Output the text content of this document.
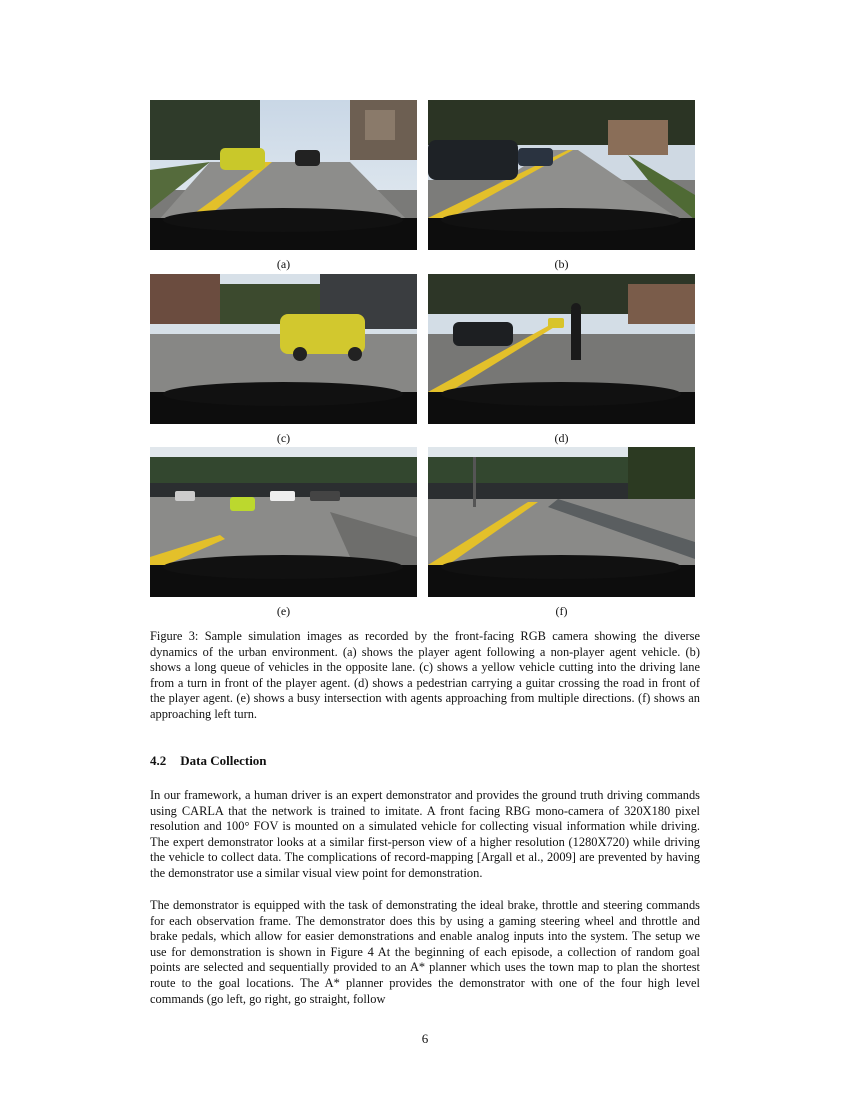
(a)	(b)
(c)	(d)
(e)	(f)
Figure 3: Sample simulation images as recorded by the front-facing RGB camera showing the diverse dynamics of the urban environment. (a) shows the player agent following a non-player agent vehicle. (b) shows a long queue of vehicles in the opposite lane. (c) shows a yellow vehicle cutting into the driving lane from a turn in front of the player agent. (d) shows a pedestrian carrying a guitar crossing the road in front of the player agent. (e) shows a busy intersection with agents approaching from multiple directions. (f) shows an approaching left turn.
4.2 Data Collection

In our framework, a human driver is an expert demonstrator and provides the ground truth driving commands using CARLA that the network is trained to imitate. A front facing RBG mono-camera of 320X180 pixel resolution and 100° FOV is mounted on a simulated vehicle for collecting visual information while driving. The expert demonstrator looks at a similar first-person view of a higher resolution (1280X720) while driving the vehicle to collect data. The complications of record-mapping [Argall et al., 2009] are prevented by having the demonstrator use a similar visual view point for demonstration.

The demonstrator is equipped with the task of demonstrating the ideal brake, throttle and steering commands for each observation frame. The demonstrator does this by using a gaming steering wheel and throttle and brake pedals, which allow for easier demonstrations and enable analog inputs into the system. The setup we use for demonstration is shown in Figure 4 At the beginning of each episode, a collection of random goal points are selected and sequentially provided to an A* planner which uses the town map to plan the shortest route to the goal locations. The A* planner provides the demonstrator with one of the four high level commands (go left, go right, go straight, follow

6
